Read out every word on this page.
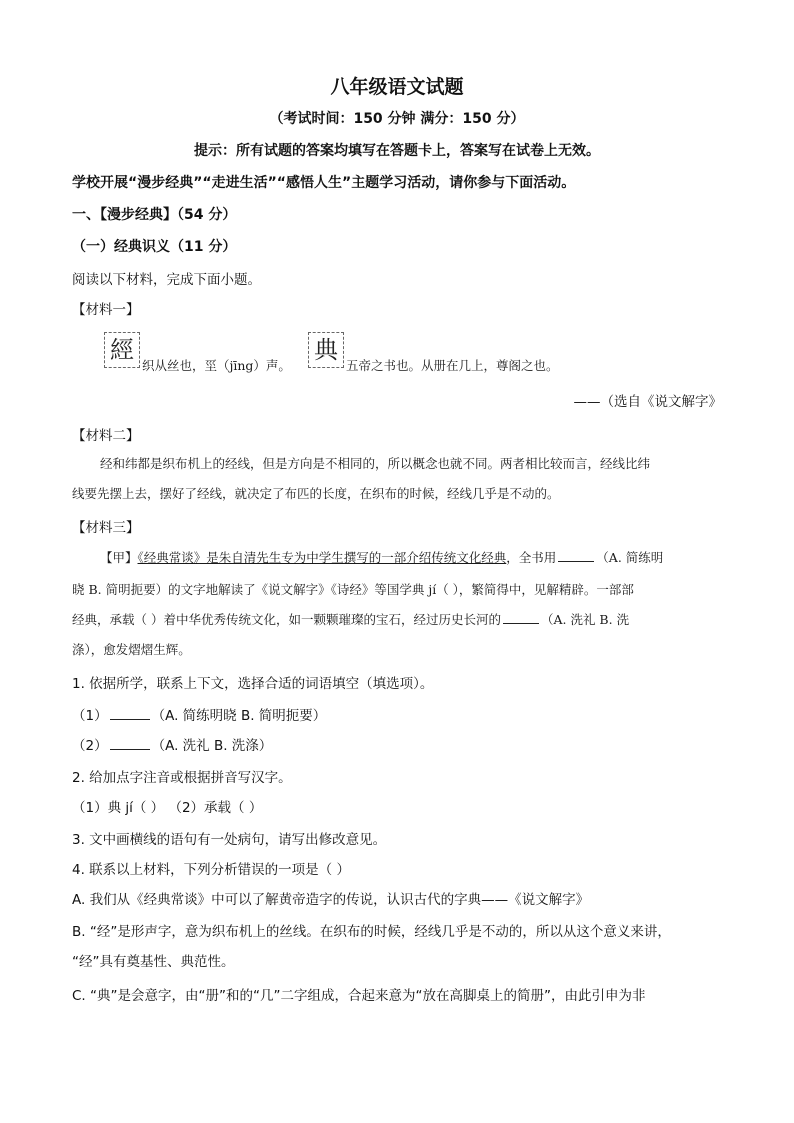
八年级语文试题
（考试时间：150 分钟 满分：150 分）
提示：所有试题的答案均填写在答题卡上，答案写在试卷上无效。
学校开展“漫步经典”“走进生活”“感悟人生”主题学习活动，请你参与下面活动。
一、【漫步经典】（54 分）
（一）经典识义（11 分）
阅读以下材料，完成下面小题。
【材料一】
經
织从丝也，坙（jīng）声。
典
五帝之书也。从册在几上，尊阁之也。
——（选自《说文解字》
【材料二】
经和纬都是织布机上的经线，但是方向是不相同的，所以概念也就不同。两者相比较而言，经线比纬
线要先摆上去，摆好了经线，就决定了布匹的长度，在织布的时候，经线几乎是不动的。
【材料三】
【甲】《经典常谈》是朱自清先生专为中学生撰写的一部介绍传统文化经典，全书用	（A. 简练明
晓 B. 简明扼要）的文字地解读了《说文解字》《诗经》等国学典 jí（ ），繁简得中，见解精辟。一部部
经典，承载（ ）着中华优秀传统文化，如一颗颗璀璨的宝石，经过历史长河的	（A. 洗礼 B. 洗
涤），愈发熠熠生辉。
1. 依据所学，联系上下文，选择合适的词语填空（填选项）。
（1）	（A. 简练明晓 B. 简明扼要）
（2）	（A. 洗礼 B. 洗涤）
2. 给加点字注音或根据拼音写汉字。
（1）典 jí（ ） （2）承载（ ）
3. 文中画横线的语句有一处病句，请写出修改意见。
4. 联系以上材料，下列分析错误的一项是（ ）
A. 我们从《经典常谈》中可以了解黄帝造字的传说，认识古代的字典——《说文解字》
B. “经”是形声字，意为织布机上的丝线。在织布的时候，经线几乎是不动的，所以从这个意义来讲，
“经”具有奠基性、典范性。
C. “典”是会意字，由“册”和的“几”二字组成，合起来意为“放在高脚桌上的简册”，由此引申为非
